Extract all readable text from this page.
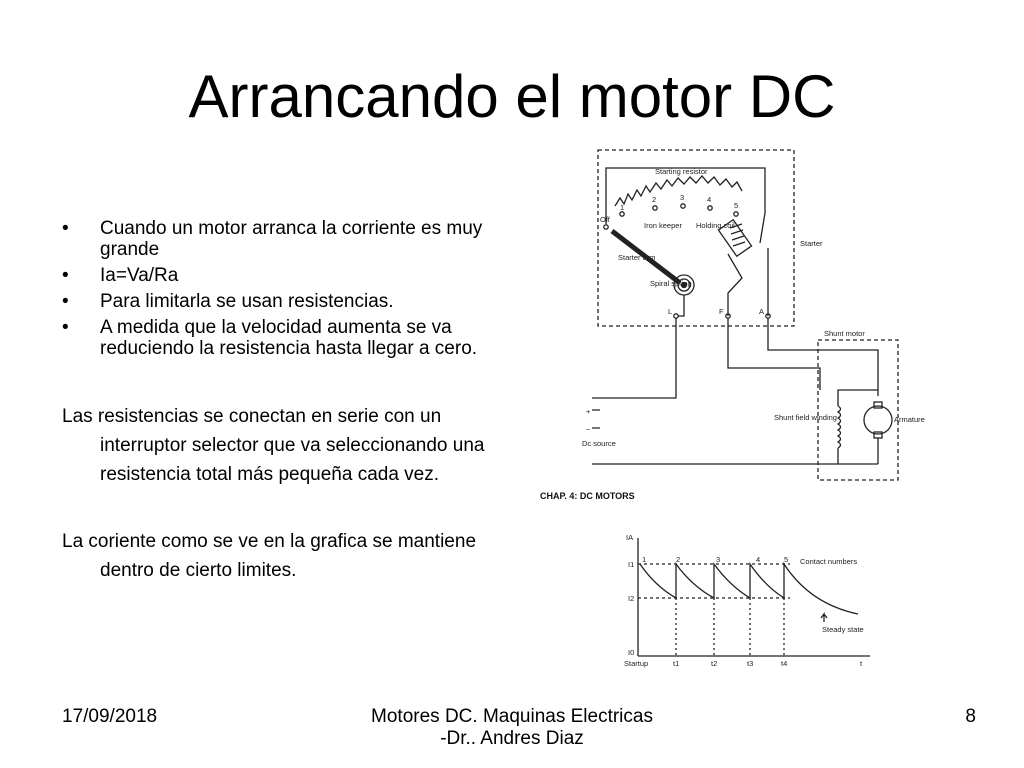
Arrancando el motor DC
• Cuando un motor arranca la corriente es muy grande
• Ia=Va/Ra
• Para limitarla se usan resistencias.
• A medida que la velocidad aumenta se va reduciendo la resistencia hasta llegar a cero.
Las resistencias se conectan en serie con un interruptor selector que va seleccionando una resistencia total más pequeña cada vez.
La coriente como se ve en la grafica se mantiene dentro de cierto limites.
Starting resistor
Off
1
2	3	4
5
Iron keeper Holding coil
Starter
Starter arm
Spiral spring
L	F	A
Shunt motor
Shunt field winding	Armature
Dc source
+
−
CHAP. 4: DC MOTORS
IA
I1
I2
I0
1	2	3	4	5 Contact numbers
Steady state
Startup	t1	t2	t3	t4	t
17/09/2018	Motores DC. Maquinas Electricas
-Dr.. Andres Diaz
8
